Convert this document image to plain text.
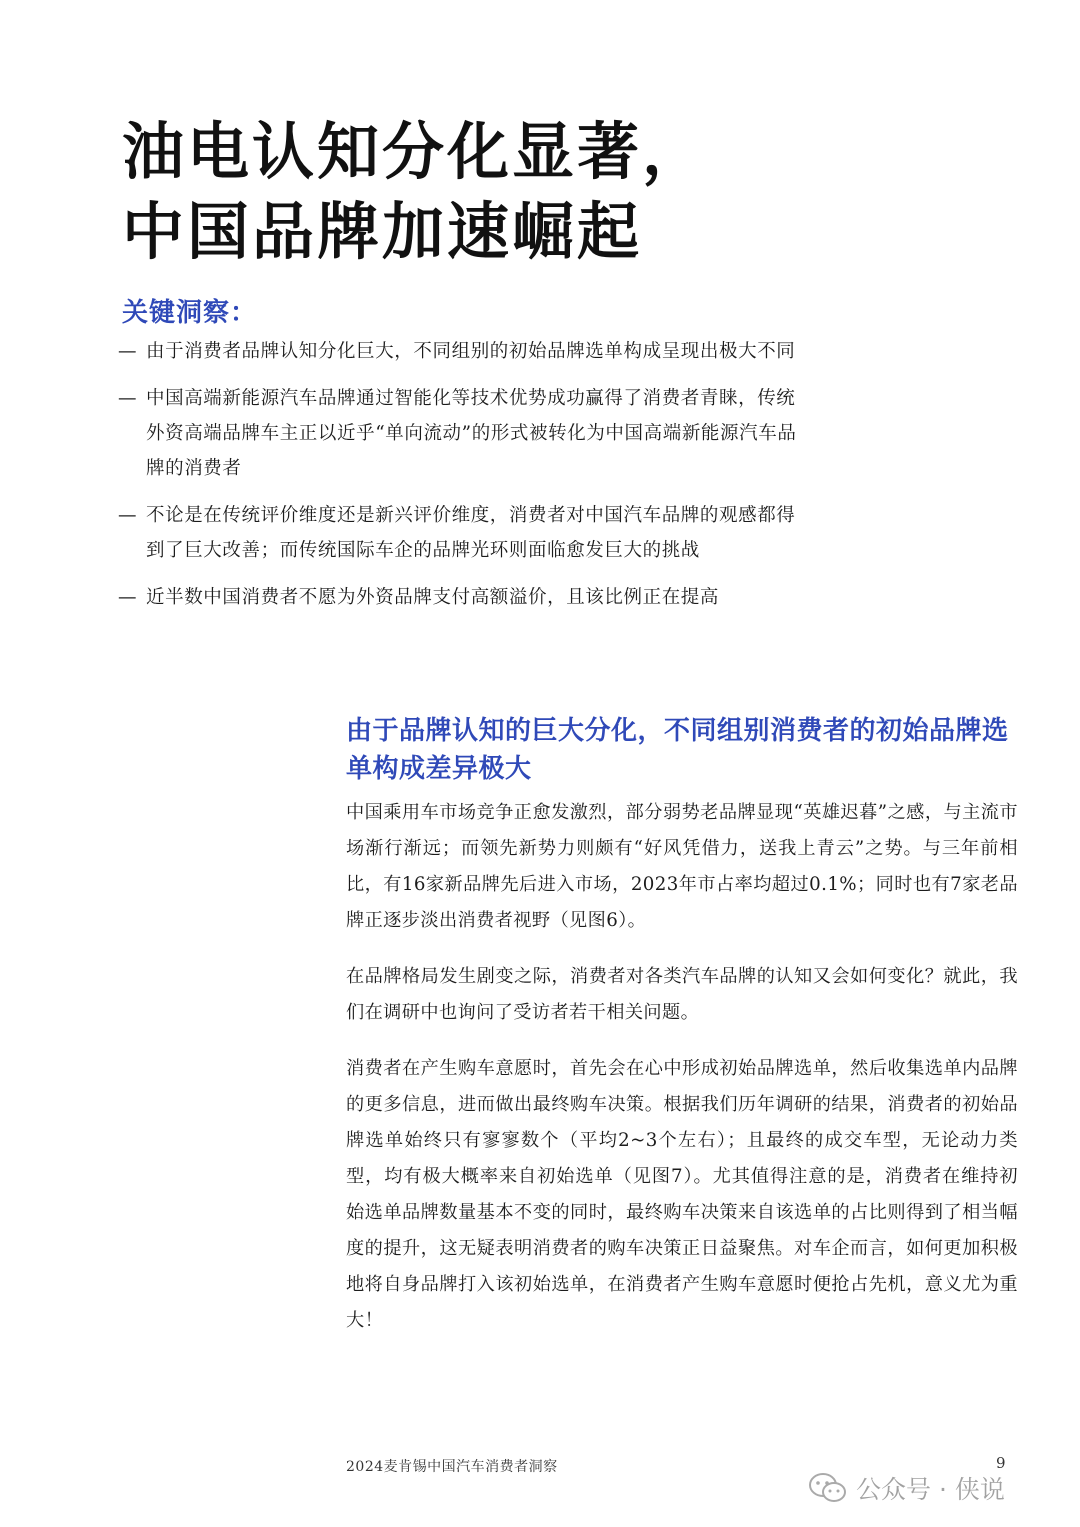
油电认知分化显著，
中国品牌加速崛起
关键洞察：
— 由于消费者品牌认知分化巨大，不同组别的初始品牌选单构成呈现出极大不同
— 中国高端新能源汽车品牌通过智能化等技术优势成功赢得了消费者青睐，传统外资高端品牌车主正以近乎“单向流动”的形式被转化为中国高端新能源汽车品牌的消费者
— 不论是在传统评价维度还是新兴评价维度，消费者对中国汽车品牌的观感都得到了巨大改善；而传统国际车企的品牌光环则面临愈发巨大的挑战
— 近半数中国消费者不愿为外资品牌支付高额溢价，且该比例正在提高
由于品牌认知的巨大分化，不同组别消费者的初始品牌选单构成差异极大

中国乘用车市场竞争正愈发激烈，部分弱势老品牌显现“英雄迟暮”之感，与主流市场渐行渐远；而领先新势力则颇有“好风凭借力，送我上青云”之势。与三年前相比，有16家新品牌先后进入市场，2023年市占率均超过0.1%；同时也有7家老品牌正逐步淡出消费者视野（见图6）。

在品牌格局发生剧变之际，消费者对各类汽车品牌的认知又会如何变化？就此，我们在调研中也询问了受访者若干相关问题。

消费者在产生购车意愿时，首先会在心中形成初始品牌选单，然后收集选单内品牌的更多信息，进而做出最终购车决策。根据我们历年调研的结果，消费者的初始品牌选单始终只有寥寥数个（平均2~3个左右）；且最终的成交车型，无论动力类型，均有极大概率来自初始选单（见图7）。尤其值得注意的是，消费者在维持初始选单品牌数量基本不变的同时，最终购车决策来自该选单的占比则得到了相当幅度的提升，这无疑表明消费者的购车决策正日益聚焦。对车企而言，如何更加积极地将自身品牌打入该初始选单，在消费者产生购车意愿时便抢占先机，意义尤为重大！

2024麦肯锡中国汽车消费者洞察	9
公众号 · 侠说
